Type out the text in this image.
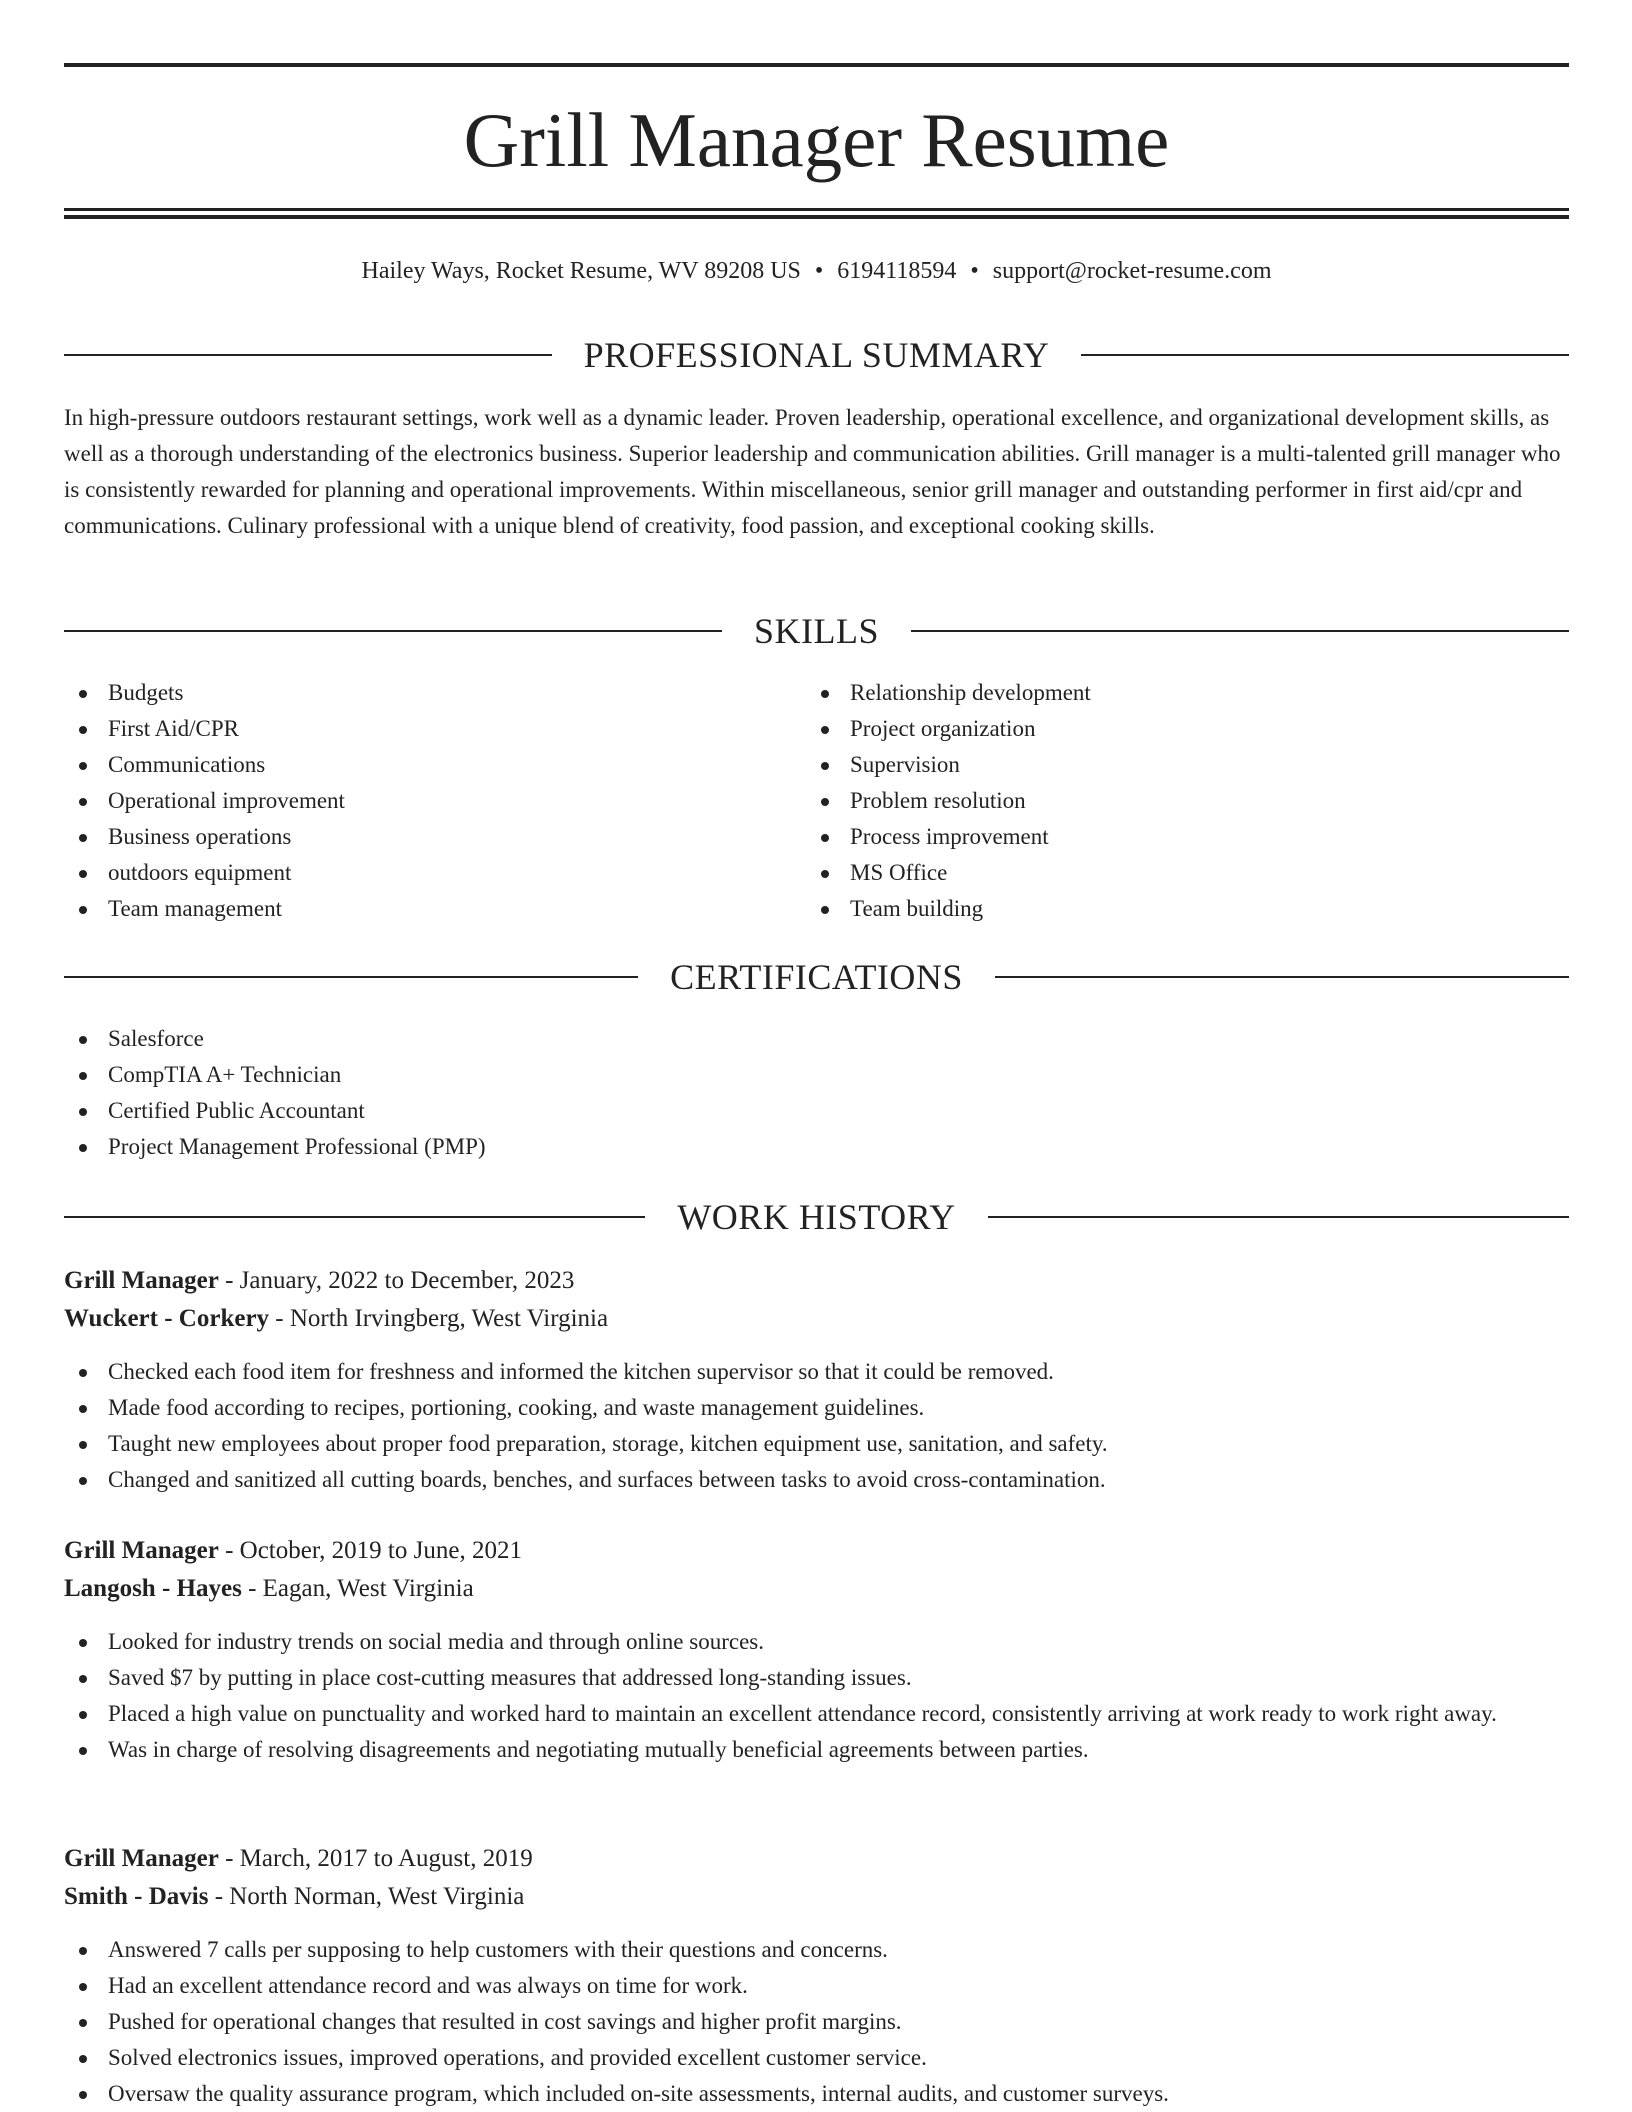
Grill Manager Resume
Hailey Ways, Rocket Resume, WV 89208 US • 6194118594 • support@rocket-resume.com
PROFESSIONAL SUMMARY

In high-pressure outdoors restaurant settings, work well as a dynamic leader. Proven leadership, operational excellence, and organizational development skills, as well as a thorough understanding of the electronics business. Superior leadership and communication abilities. Grill manager is a multi-talented grill manager who is consistently rewarded for planning and operational improvements. Within miscellaneous, senior grill manager and outstanding performer in first aid/cpr and communications. Culinary professional with a unique blend of creativity, food passion, and exceptional cooking skills.

SKILLS
Budgets
First Aid/CPR
Communications
Operational improvement
Business operations
outdoors equipment
Team management
Relationship development
Project organization
Supervision
Problem resolution
Process improvement
MS Office
Team building
CERTIFICATIONS
Salesforce
CompTIA A+ Technician
Certified Public Accountant
Project Management Professional (PMP)
WORK HISTORY
Grill Manager - January, 2022 to December, 2023
Wuckert - Corkery - North Irvingberg, West Virginia
Checked each food item for freshness and informed the kitchen supervisor so that it could be removed.
Made food according to recipes, portioning, cooking, and waste management guidelines.
Taught new employees about proper food preparation, storage, kitchen equipment use, sanitation, and safety.
Changed and sanitized all cutting boards, benches, and surfaces between tasks to avoid cross-contamination.
Grill Manager - October, 2019 to June, 2021
Langosh - Hayes - Eagan, West Virginia
Looked for industry trends on social media and through online sources.
Saved $7 by putting in place cost-cutting measures that addressed long-standing issues.
Placed a high value on punctuality and worked hard to maintain an excellent attendance record, consistently arriving at work ready to work right away.
Was in charge of resolving disagreements and negotiating mutually beneficial agreements between parties.
Grill Manager - March, 2017 to August, 2019
Smith - Davis - North Norman, West Virginia
Answered 7 calls per supposing to help customers with their questions and concerns.
Had an excellent attendance record and was always on time for work.
Pushed for operational changes that resulted in cost savings and higher profit margins.
Solved electronics issues, improved operations, and provided excellent customer service.
Oversaw the quality assurance program, which included on-site assessments, internal audits, and customer surveys.
